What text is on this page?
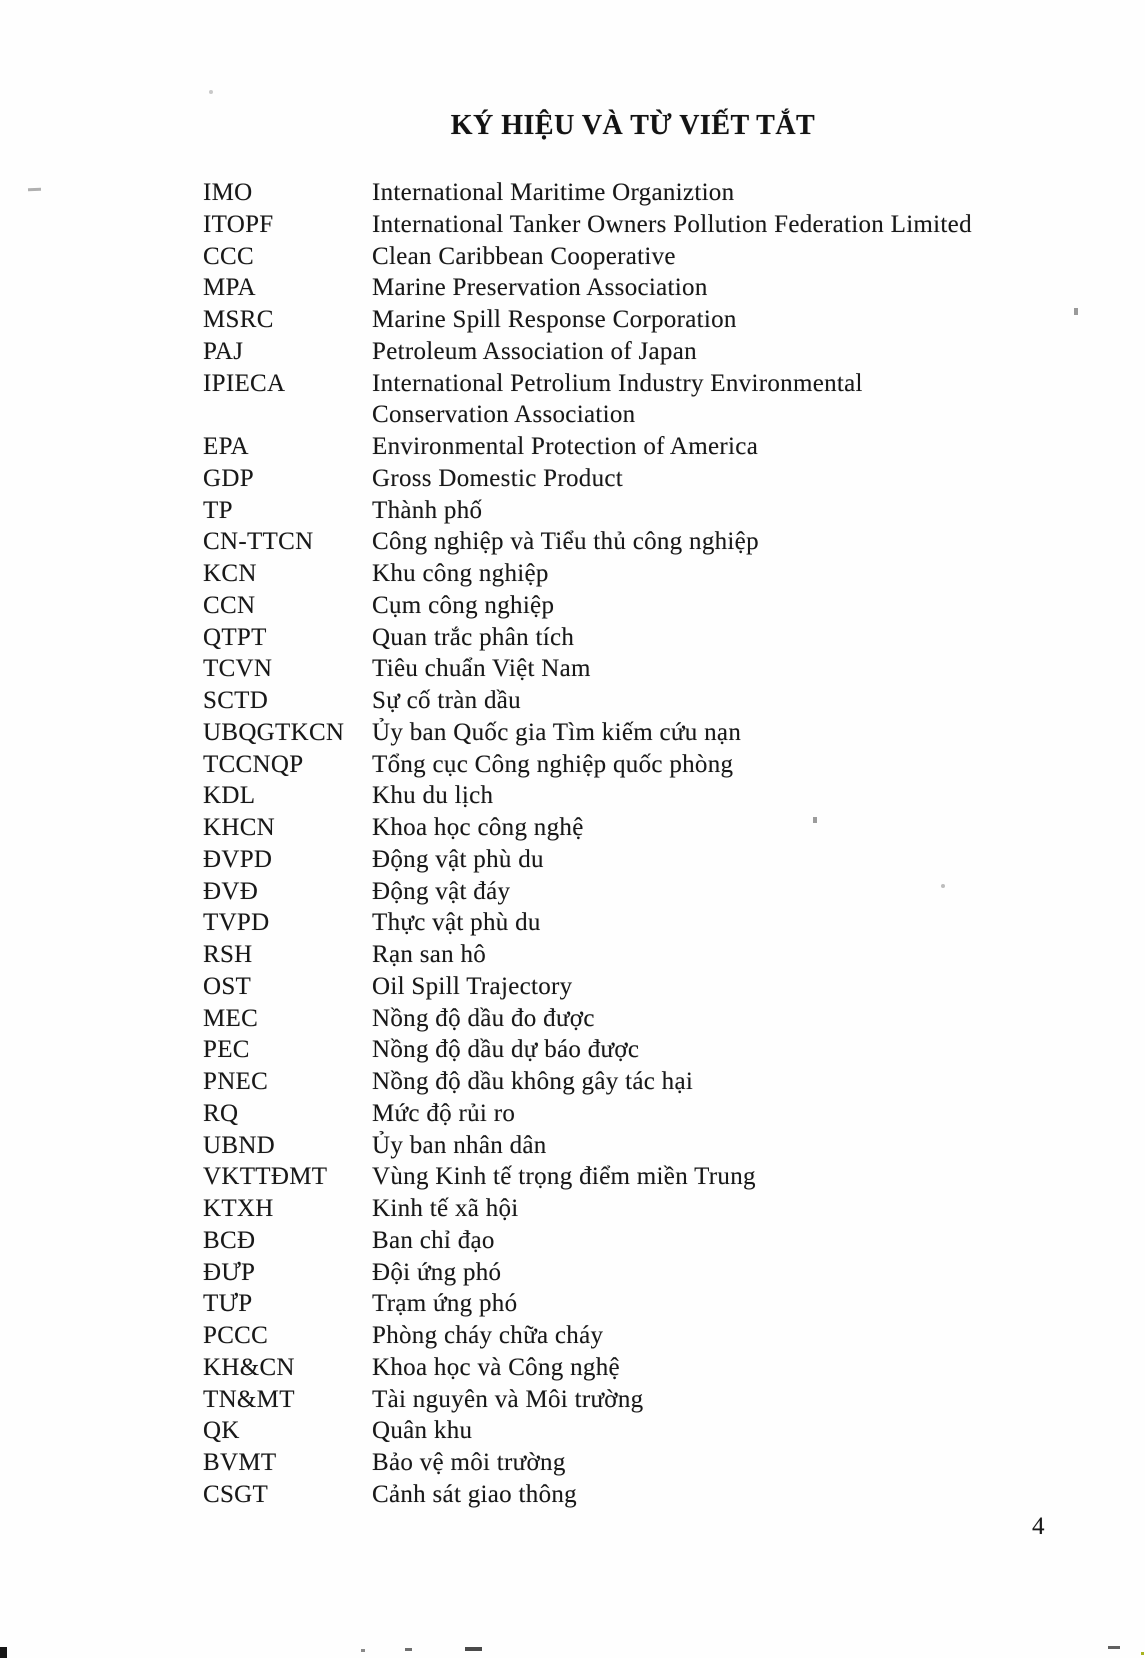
KÝ HIỆU VÀ TỪ VIẾT TẮT
IMO	International Maritime Organiztion
ITOPF	International Tanker Owners Pollution Federation Limited
CCC	Clean Caribbean Cooperative
MPA	Marine Preservation Association
MSRC	Marine Spill Response Corporation
PAJ	Petroleum Association of Japan
IPIECA	International Petrolium Industry Environmental
Conservation Association
EPA	Environmental Protection of America
GDP	Gross Domestic Product
TP	Thành phố
CN-TTCN	Công nghiệp và Tiểu thủ công nghiệp
KCN	Khu công nghiệp
CCN	Cụm công nghiệp
QTPT	Quan trắc phân tích
TCVN	Tiêu chuẩn Việt Nam
SCTD	Sự cố tràn dầu
UBQGTKCN	Ủy ban Quốc gia Tìm kiếm cứu nạn
TCCNQP	Tổng cục Công nghiệp quốc phòng
KDL	Khu du lịch
KHCN	Khoa học công nghệ
ĐVPD	Động vật phù du
ĐVĐ	Động vật đáy
TVPD	Thực vật phù du
RSH	Rạn san hô
OST	Oil Spill Trajectory
MEC	Nồng độ dầu đo được
PEC	Nồng độ dầu dự báo được
PNEC	Nồng độ dầu không gây tác hại
RQ	Mức độ rủi ro
UBND	Ủy ban nhân dân
VKTTĐMT	Vùng Kinh tế trọng điểm miền Trung
KTXH	Kinh tế xã hội
BCĐ	Ban chỉ đạo
ĐƯP	Đội ứng phó
TƯP	Trạm ứng phó
PCCC	Phòng cháy chữa cháy
KH&CN	Khoa học và Công nghệ
TN&MT	Tài nguyên và Môi trường
QK	Quân khu
BVMT	Bảo vệ môi trường
CSGT	Cảnh sát giao thông
4
